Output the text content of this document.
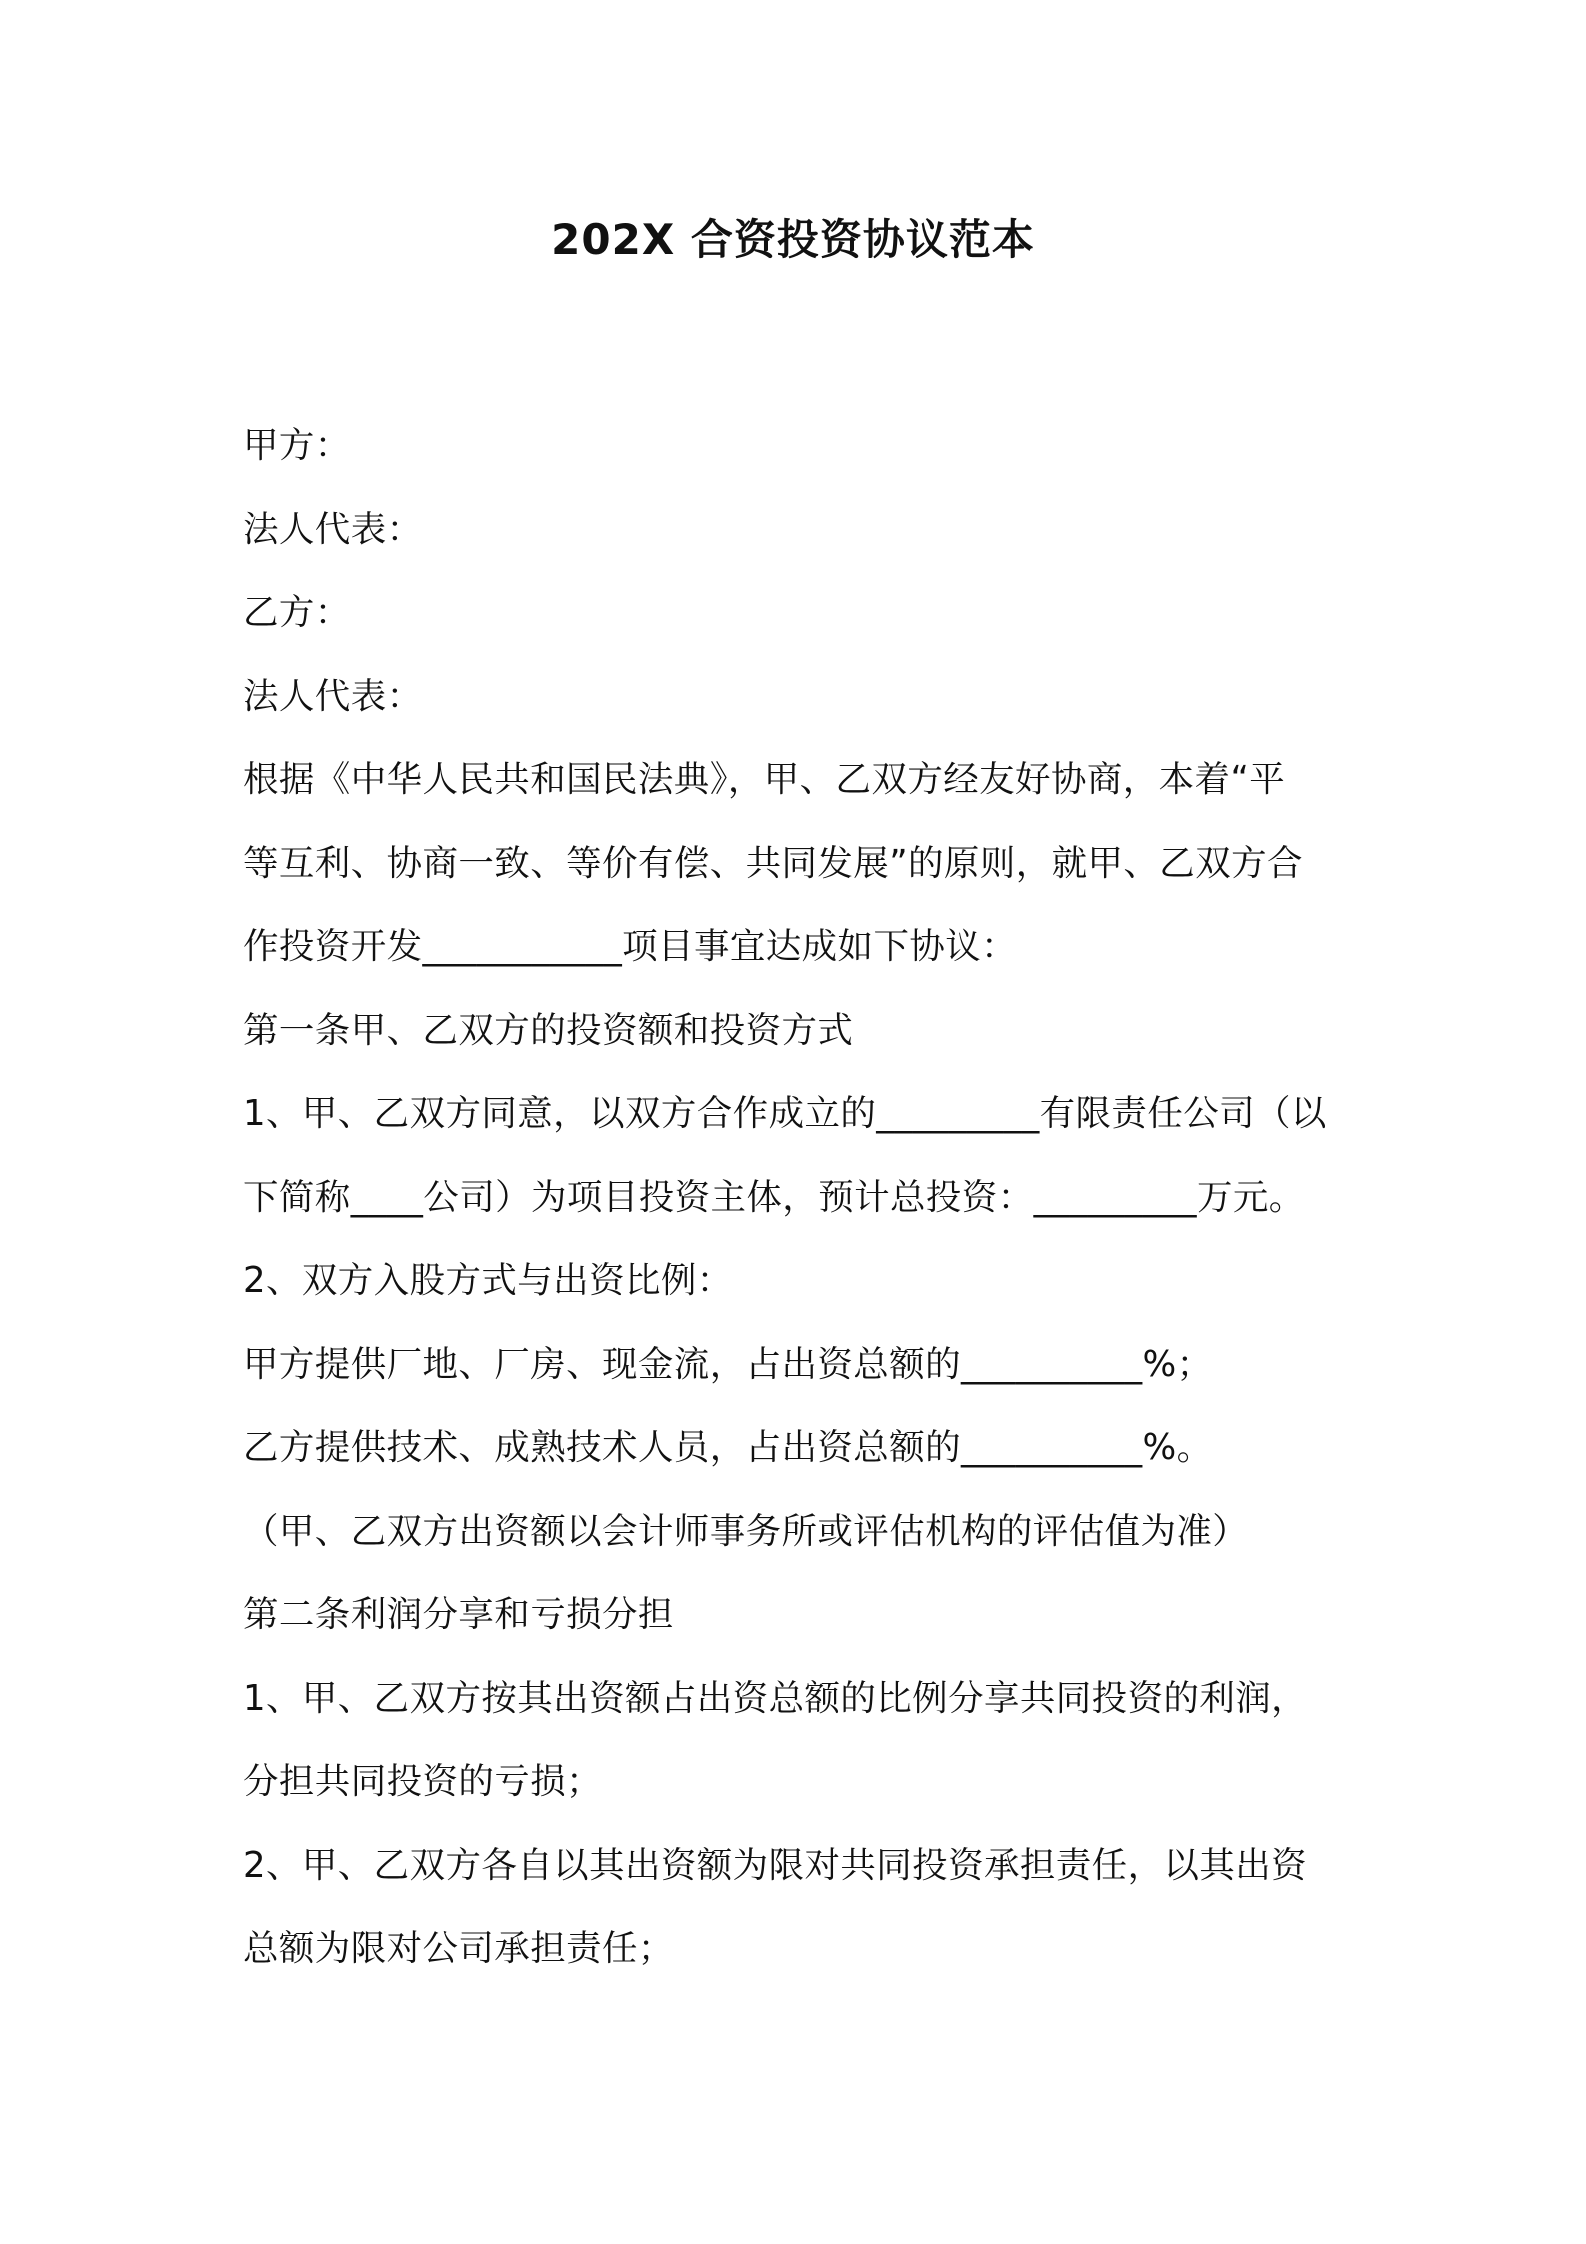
202X 合资投资协议范本
甲方：
法人代表：
乙方：
法人代表：
根据《中华人民共和国民法典》，甲、乙双方经友好协商，本着“平
等互利、协商一致、等价有偿、共同发展”的原则，就甲、乙双方合
作投资开发___________项目事宜达成如下协议：
第一条甲、乙双方的投资额和投资方式
1、甲、乙双方同意，以双方合作成立的_________有限责任公司（以
下简称____公司）为项目投资主体，预计总投资：_________万元。
2、双方入股方式与出资比例：
甲方提供厂地、厂房、现金流，占出资总额的__________%；
乙方提供技术、成熟技术人员，占出资总额的__________%。
（甲、乙双方出资额以会计师事务所或评估机构的评估值为准）
第二条利润分享和亏损分担
1、甲、乙双方按其出资额占出资总额的比例分享共同投资的利润，
分担共同投资的亏损；
2、甲、乙双方各自以其出资额为限对共同投资承担责任，以其出资
总额为限对公司承担责任；
